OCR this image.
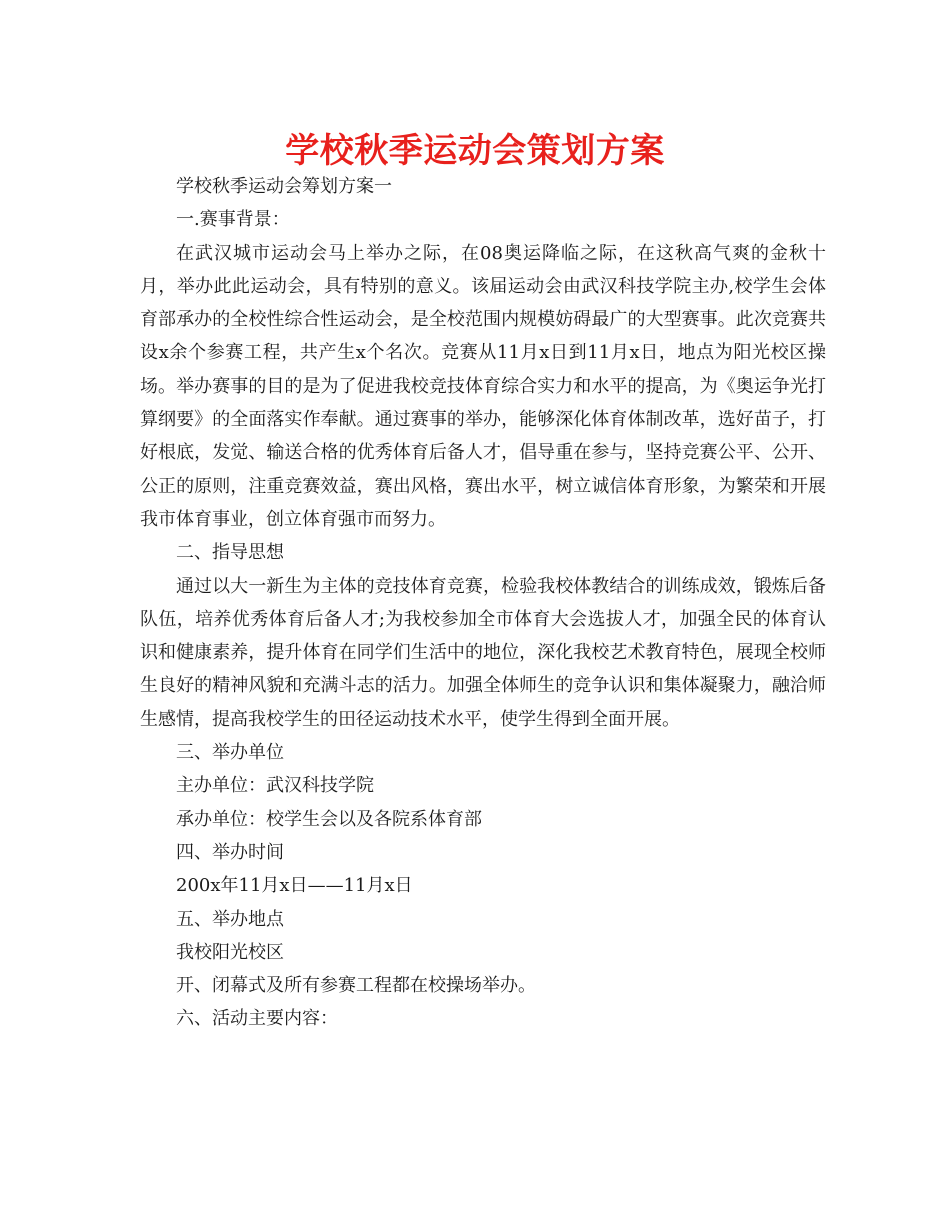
学校秋季运动会策划方案

学校秋季运动会筹划方案一

一.赛事背景：

在武汉城市运动会马上举办之际，在08奥运降临之际，在这秋高气爽的金秋十月，举办此此运动会，具有特别的意义。该届运动会由武汉科技学院主办,校学生会体育部承办的全校性综合性运动会，是全校范围内规模妨碍最广的大型赛事。此次竞赛共设x余个参赛工程，共产生x个名次。竞赛从11月x日到11月x日，地点为阳光校区操场。举办赛事的目的是为了促进我校竞技体育综合实力和水平的提高，为《奥运争光打算纲要》的全面落实作奉献。通过赛事的举办，能够深化体育体制改革，选好苗子，打好根底，发觉、输送合格的优秀体育后备人才，倡导重在参与，坚持竞赛公平、公开、公正的原则，注重竞赛效益，赛出风格，赛出水平，树立诚信体育形象，为繁荣和开展我市体育事业，创立体育强市而努力。

二、指导思想

通过以大一新生为主体的竞技体育竞赛，检验我校体教结合的训练成效，锻炼后备队伍，培养优秀体育后备人才;为我校参加全市体育大会选拔人才，加强全民的体育认识和健康素养，提升体育在同学们生活中的地位，深化我校艺术教育特色，展现全校师生良好的精神风貌和充满斗志的活力。加强全体师生的竞争认识和集体凝聚力，融洽师生感情，提高我校学生的田径运动技术水平，使学生得到全面开展。

三、举办单位

主办单位：武汉科技学院

承办单位：校学生会以及各院系体育部

四、举办时间

200x年11月x日——11月x日

五、举办地点

我校阳光校区

开、闭幕式及所有参赛工程都在校操场举办。

六、活动主要内容：
